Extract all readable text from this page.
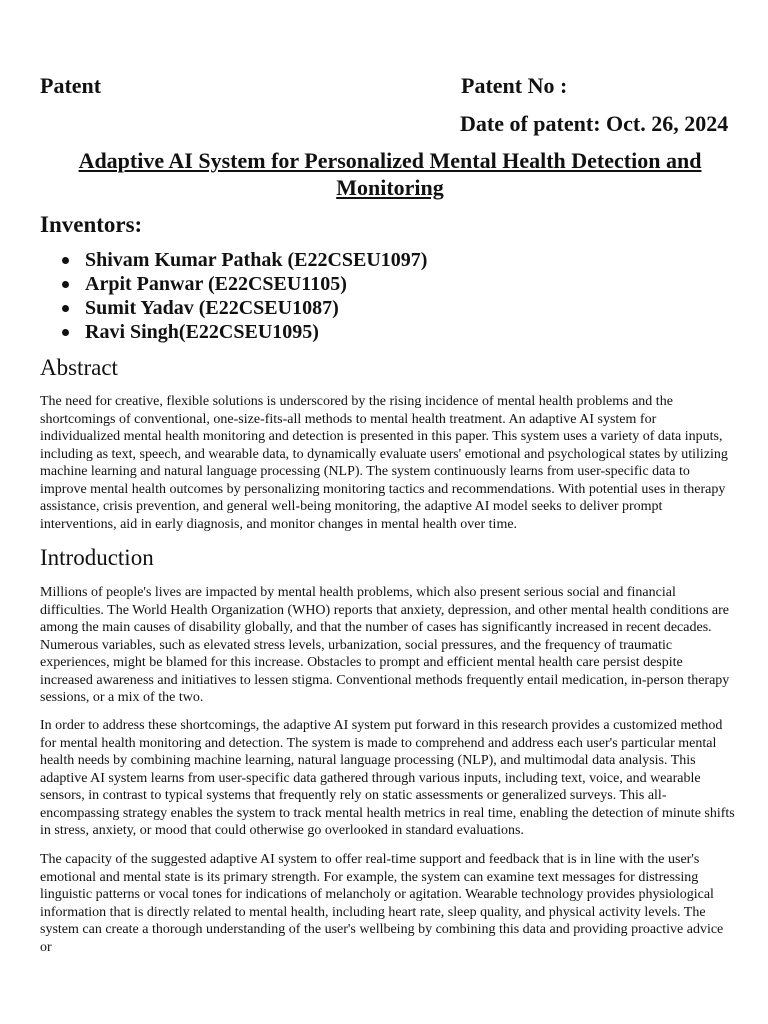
Patent	Patent No :
Date of patent: Oct. 26, 2024
Adaptive AI System for Personalized Mental Health Detection and Monitoring
Inventors:
Shivam Kumar Pathak (E22CSEU1097)
Arpit Panwar (E22CSEU1105)
Sumit Yadav (E22CSEU1087)
Ravi Singh(E22CSEU1095)
Abstract

The need for creative, flexible solutions is underscored by the rising incidence of mental health problems and the shortcomings of conventional, one-size-fits-all methods to mental health treatment. An adaptive AI system for individualized mental health monitoring and detection is presented in this paper. This system uses a variety of data inputs, including as text, speech, and wearable data, to dynamically evaluate users' emotional and psychological states by utilizing machine learning and natural language processing (NLP). The system continuously learns from user-specific data to improve mental health outcomes by personalizing monitoring tactics and recommendations. With potential uses in therapy assistance, crisis prevention, and general well-being monitoring, the adaptive AI model seeks to deliver prompt interventions, aid in early diagnosis, and monitor changes in mental health over time.

Introduction

Millions of people's lives are impacted by mental health problems, which also present serious social and financial difficulties. The World Health Organization (WHO) reports that anxiety, depression, and other mental health conditions are among the main causes of disability globally, and that the number of cases has significantly increased in recent decades. Numerous variables, such as elevated stress levels, urbanization, social pressures, and the frequency of traumatic experiences, might be blamed for this increase. Obstacles to prompt and efficient mental health care persist despite increased awareness and initiatives to lessen stigma. Conventional methods frequently entail medication, in-person therapy sessions, or a mix of the two.

In order to address these shortcomings, the adaptive AI system put forward in this research provides a customized method for mental health monitoring and detection. The system is made to comprehend and address each user's particular mental health needs by combining machine learning, natural language processing (NLP), and multimodal data analysis. This adaptive AI system learns from user-specific data gathered through various inputs, including text, voice, and wearable sensors, in contrast to typical systems that frequently rely on static assessments or generalized surveys. This all-encompassing strategy enables the system to track mental health metrics in real time, enabling the detection of minute shifts in stress, anxiety, or mood that could otherwise go overlooked in standard evaluations.

The capacity of the suggested adaptive AI system to offer real-time support and feedback that is in line with the user's emotional and mental state is its primary strength. For example, the system can examine text messages for distressing linguistic patterns or vocal tones for indications of melancholy or agitation. Wearable technology provides physiological information that is directly related to mental health, including heart rate, sleep quality, and physical activity levels. The system can create a thorough understanding of the user's wellbeing by combining this data and providing proactive advice or
